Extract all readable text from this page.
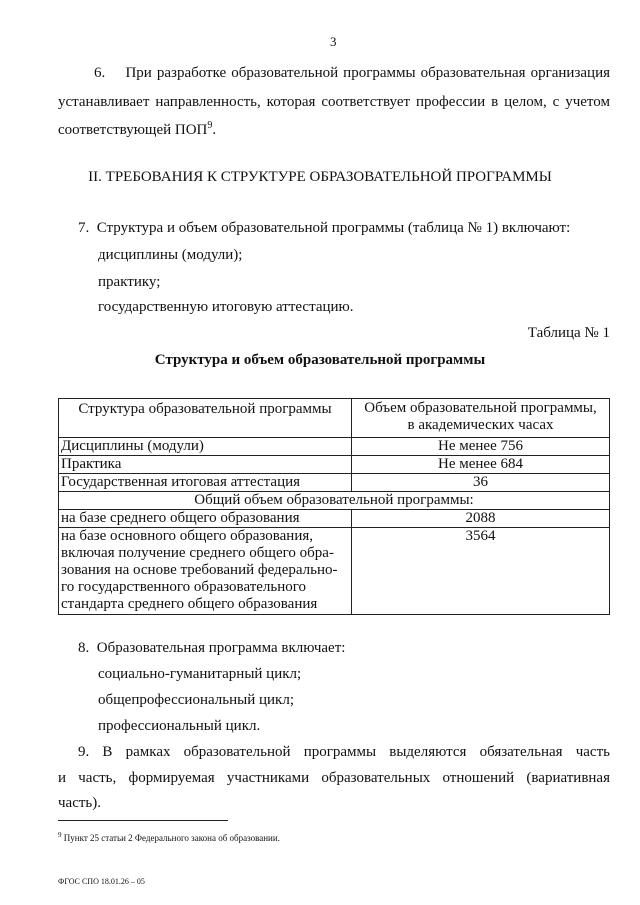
3
6.    При разработке образовательной программы образовательная организация
устанавливает направленность, которая соответствует профессии в целом, с учетом
соответствующей ПОП$^9$.
II. ТРЕБОВАНИЯ К СТРУКТУРЕ ОБРАЗОВАТЕЛЬНОЙ ПРОГРАММЫ
7.  Структура и объем образовательной программы (таблица № 1) включают:
дисциплины (модули);
практику;
государственную итоговую аттестацию.
Таблица № 1
Структура и объем образовательной программы
Структура образовательной программы	Объем образовательной программы,
в академических часах

Дисциплины (модули)	Не менее 756
Практика	Не менее 684
Государственная итоговая аттестация	36
Общий объем образовательной программы:	
на базе среднего общего образования	2088

на базе основного общего образования,
включая получение среднего общего обра-
зования на основе требований федерально-
го государственного образовательного
стандарта среднего общего образования	3564
8.  Образовательная программа включает:
социально-гуманитарный цикл;
общепрофессиональный цикл;
профессиональный цикл.
9. В рамках образовательной программы выделяются обязательная часть
и часть, формируемая участниками образовательных отношений (вариативная
часть).
$^9$ Пункт 25 статьи 2 Федерального закона об образовании.
ФГОС СПО 18.01.26 – 05
